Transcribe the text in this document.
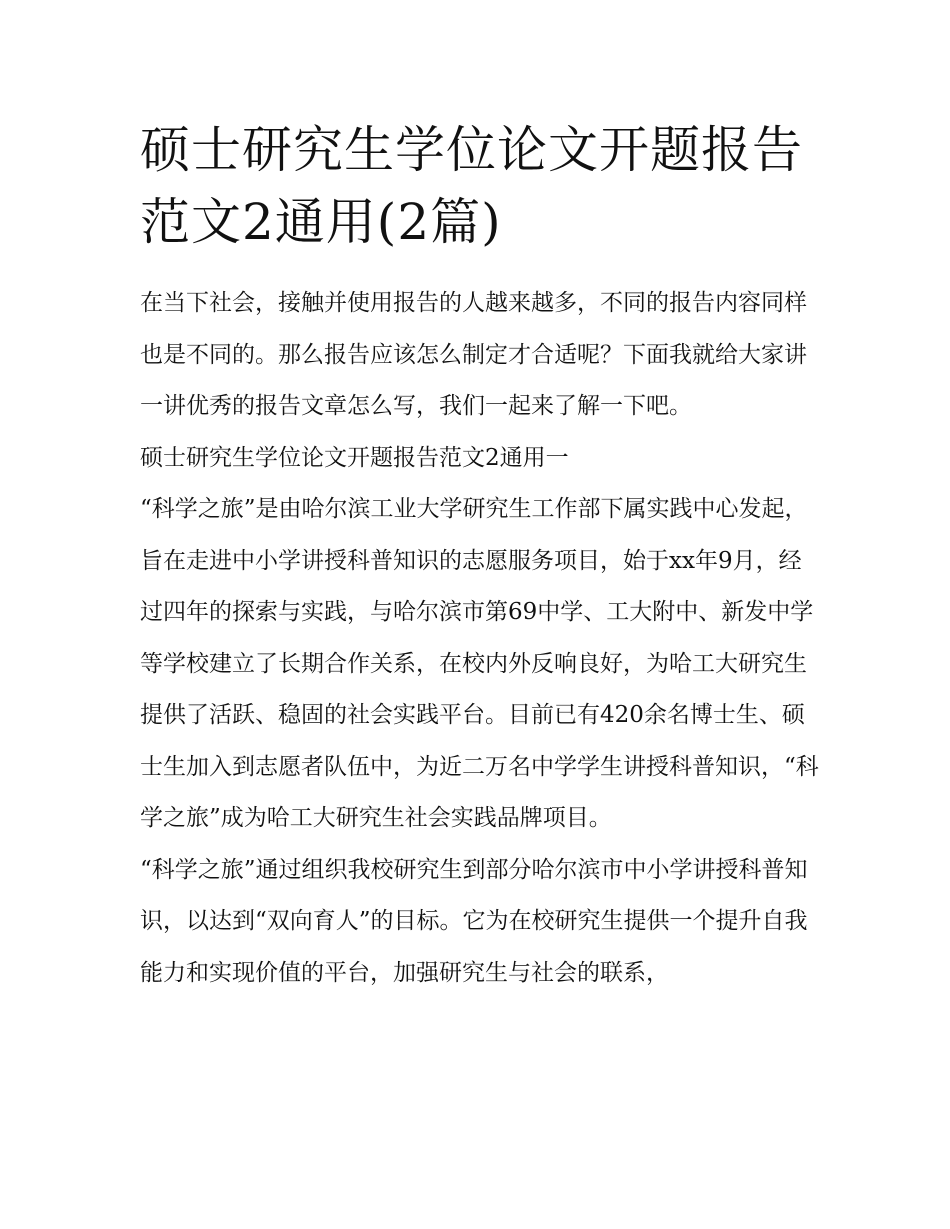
硕士研究生学位论文开题报告
范文2通用(2篇)

在当下社会，接触并使用报告的人越来越多，不同的报告内容同样也是不同的。那么报告应该怎么制定才合适呢？下面我就给大家讲一讲优秀的报告文章怎么写，我们一起来了解一下吧。

硕士研究生学位论文开题报告范文2通用一

“科学之旅”是由哈尔滨工业大学研究生工作部下属实践中心发起，旨在走进中小学讲授科普知识的志愿服务项目，始于xx年9月，经过四年的探索与实践，与哈尔滨市第69中学、工大附中、新发中学等学校建立了长期合作关系，在校内外反响良好，为哈工大研究生提供了活跃、稳固的社会实践平台。目前已有420余名博士生、硕士生加入到志愿者队伍中，为近二万名中学学生讲授科普知识，“科学之旅”成为哈工大研究生社会实践品牌项目。

“科学之旅”通过组织我校研究生到部分哈尔滨市中小学讲授科普知识，以达到“双向育人”的目标。它为在校研究生提供一个提升自我能力和实现价值的平台，加强研究生与社会的联系，
